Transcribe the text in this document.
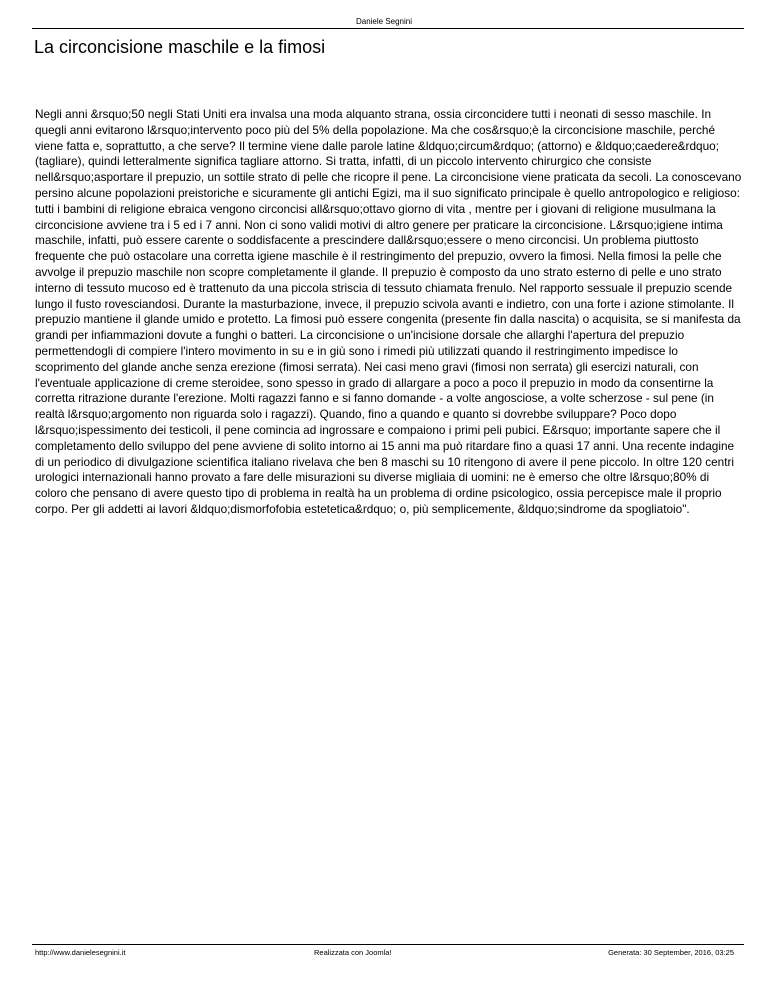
Daniele Segnini
La circoncisione maschile e la fimosi

Negli anni &rsquo;50 negli Stati Uniti era invalsa una moda alquanto strana, ossia circoncidere tutti i neonati di sesso maschile. In quegli anni evitarono l&rsquo;intervento poco più del 5% della popolazione. Ma che cos&rsquo;è la circoncisione maschile, perché viene fatta e, soprattutto, a che serve? Il termine viene dalle parole latine &ldquo;circum&rdquo; (attorno) e &ldquo;caedere&rdquo; (tagliare), quindi letteralmente significa tagliare attorno. Si tratta, infatti, di un piccolo intervento chirurgico che consiste nell&rsquo;asportare il prepuzio, un sottile strato di pelle che ricopre il pene. La circoncisione viene praticata da secoli. La conoscevano persino alcune popolazioni preistoriche e sicuramente gli antichi Egizi, ma il suo significato principale è quello antropologico e religioso: tutti i bambini di religione ebraica vengono circoncisi all&rsquo;ottavo giorno di vita , mentre per i giovani di religione musulmana la circoncisione avviene tra i 5 ed i 7 anni. Non ci sono validi motivi di altro genere per praticare la circoncisione. L&rsquo;igiene intima maschile, infatti, può essere carente o soddisfacente a prescindere dall&rsquo;essere o meno circoncisi. Un problema piuttosto frequente che può ostacolare una corretta igiene maschile è il restringimento del prepuzio, ovvero la fimosi. Nella fimosi la pelle che avvolge il prepuzio maschile non scopre completamente il glande. Il prepuzio è composto da uno strato esterno di pelle e uno strato interno di tessuto mucoso ed è trattenuto da una piccola striscia di tessuto chiamata frenulo. Nel rapporto sessuale il prepuzio scende lungo il fusto rovesciandosi. Durante la masturbazione, invece, il prepuzio scivola avanti e indietro, con una forte i azione stimolante. Il prepuzio mantiene il glande umido e protetto. La fimosi può essere congenita (presente fin dalla nascita) o acquisita, se si manifesta da grandi per infiammazioni dovute a funghi o batteri. La circoncisione o un'incisione dorsale che allarghi l'apertura del prepuzio permettendogli di compiere l'intero movimento in su e in giù sono i rimedi più utilizzati quando il restringimento impedisce lo scoprimento del glande anche senza erezione (fimosi serrata). Nei casi meno gravi (fimosi non serrata) gli esercizi naturali, con l'eventuale applicazione di creme steroidee, sono spesso in grado di allargare a poco a poco il prepuzio in modo da consentirne la corretta ritrazione durante l'erezione. Molti ragazzi fanno e si fanno domande - a volte angosciose, a volte scherzose - sul pene (in realtà l&rsquo;argomento non riguarda solo i ragazzi). Quando, fino a quando e quanto si dovrebbe svilupparе? Poco dopo l&rsquo;ispessimento dei testicoli, il pene comincia ad ingrossare e compaiono i primi peli pubici. E&rsquo; importante sapere che il completamento dello sviluppo del pene avviene di solito intorno ai 15 anni ma può ritardare fino a quasi 17 anni. Una recente indagine di un periodico di divulgazione scientifica italiano rivelava che ben 8 maschi su 10 ritengono di avere il pene piccolo. In oltre 120 centri urologici internazionali hanno provato a fare delle misurazioni su diverse migliaia di uomini: ne è emerso che oltre l&rsquo;80% di coloro che pensano di avere questo tipo di problema in realtà ha un problema di ordine psicologico, ossia percepisce male il proprio corpo. Per gli addetti ai lavori &ldquo;dismorfofobia estetetica&rdquo; o, più semplicemente, &ldquo;sindrome da spogliatoio".

http://www.danielesegnini.it	Realizzata con Joomla!	Generata: 30 September, 2016, 03:25
